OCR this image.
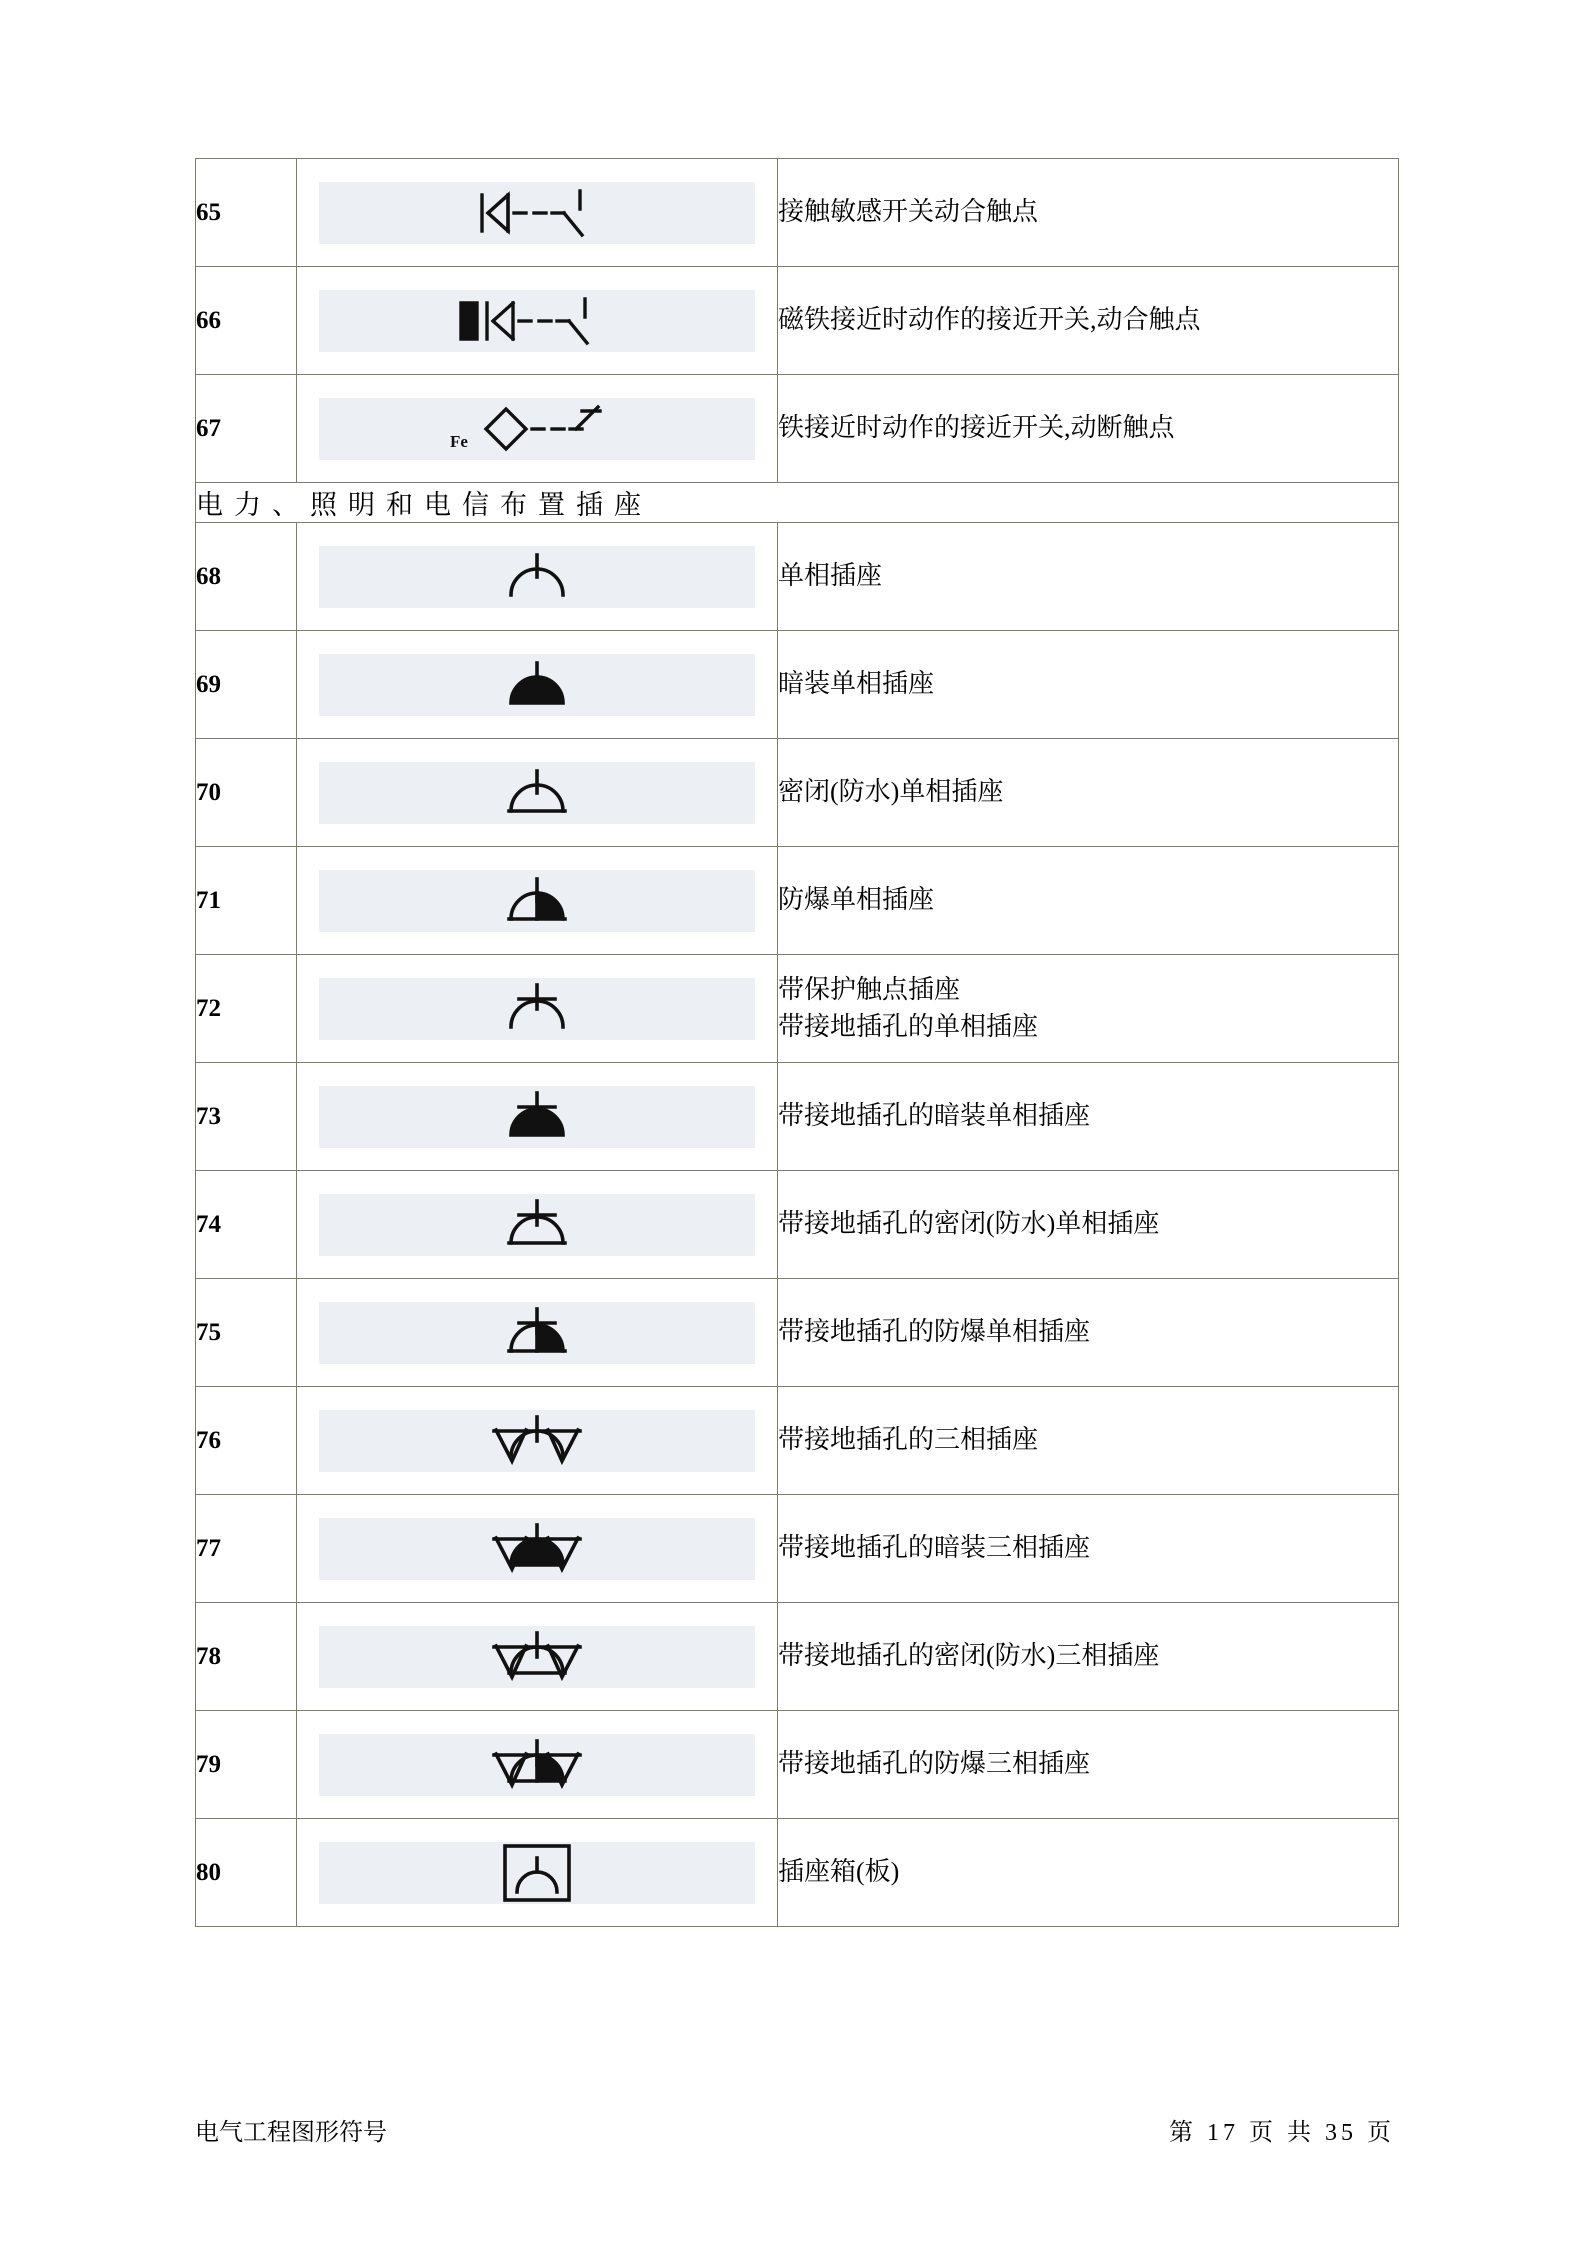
65		接触敏感开关动合触点

66		磁铁接近时动作的接近开关,动合触点

67	Fe	铁接近时动作的接近开关,动断触点

电力、照明和电信布置插座		
68		单相插座

69		暗装单相插座

70		密闭(防水)单相插座

71		防爆单相插座

72		带保护触点插座
带接地插孔的单相插座

73		带接地插孔的暗装单相插座

74		带接地插孔的密闭(防水)单相插座

75		带接地插孔的防爆单相插座

76		带接地插孔的三相插座

77		带接地插孔的暗装三相插座

78		带接地插孔的密闭(防水)三相插座

79		带接地插孔的防爆三相插座

80		插座箱(板)
电气工程图形符号	第 17 页 共 35 页
